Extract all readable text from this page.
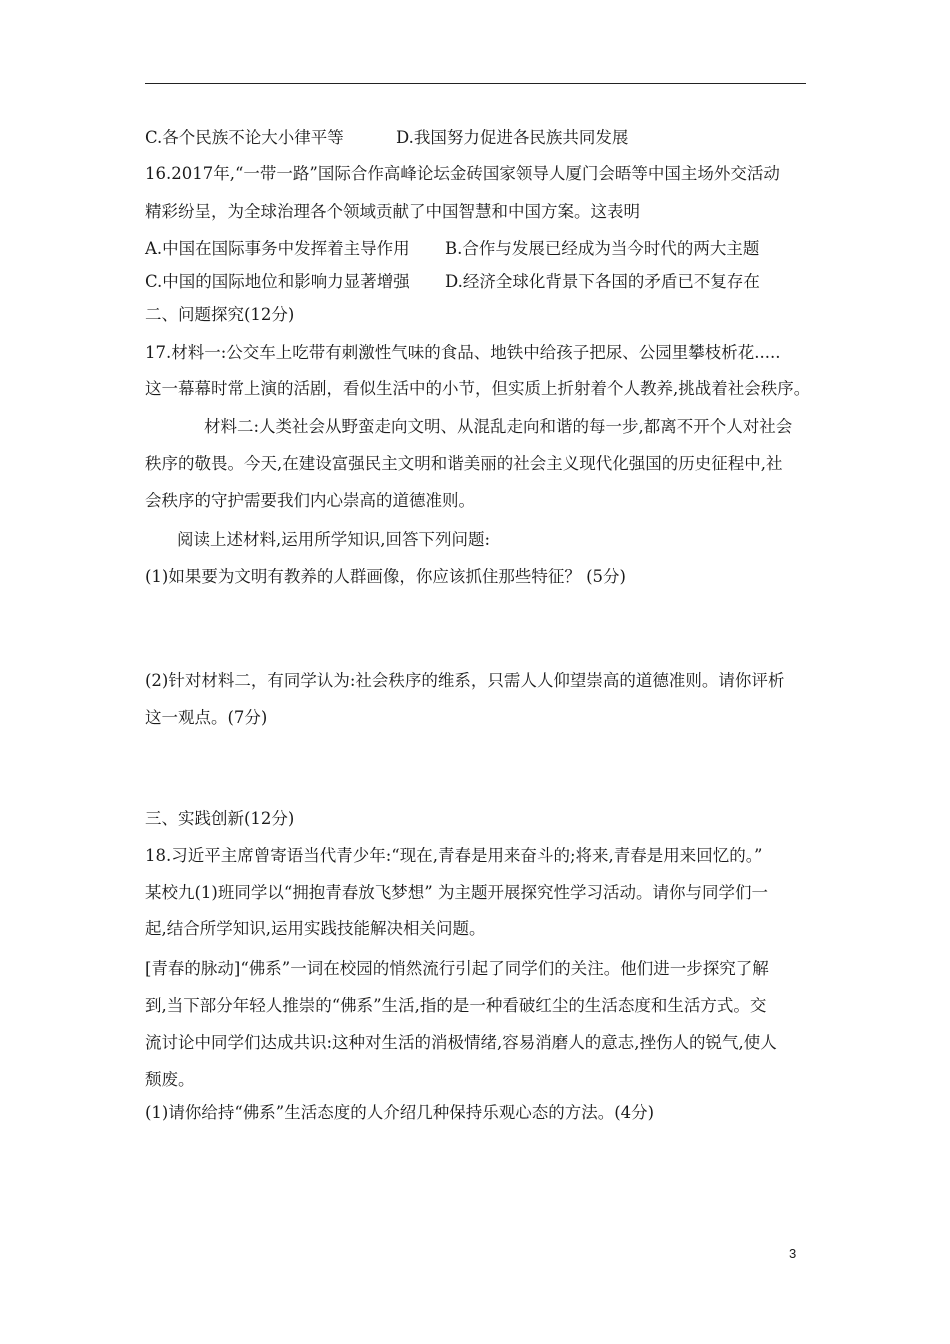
C.各个民族不论大小律平等	D.我国努力促进各民族共同发展
16.2017年,“一带一路”国际合作高峰论坛金砖国家领导人厦门会晤等中国主场外交活动
精彩纷呈，为全球治理各个领域贡献了中国智慧和中国方案。这表明
A.中国在国际事务中发挥着主导作用 B.合作与发展已经成为当今时代的两大主题
C.中国的国际地位和影响力显著增强 D.经济全球化背景下各国的矛盾已不复存在
二、问题探究(12分)
17.材料一:公交车上吃带有刺激性气味的食品、地铁中给孩子把尿、公园里攀枝析花.....
这一幕幕时常上演的活剧，看似生活中的小节，但实质上折射着个人教养,挑战着社会秩序。
材料二:人类社会从野蛮走向文明、从混乱走向和谐的每一步,都离不开个人对社会
秩序的敬畏。今天,在建设富强民主文明和谐美丽的社会主义现代化强国的历史征程中,社
会秩序的守护需要我们内心崇高的道德准则。
阅读上述材料,运用所学知识,回答下列问题:
(1)如果要为文明有教养的人群画像，你应该抓住那些特征？ (5分)
(2)针对材料二，有同学认为:社会秩序的维系，只需人人仰望崇高的道德准则。请你评析
这一观点。(7分)
三、实践创新(12分)
18.习近平主席曾寄语当代青少年:“现在,青春是用来奋斗的;将来,青春是用来回忆的。”
某校九(1)班同学以“拥抱青春放飞梦想” 为主题开展探究性学习活动。请你与同学们一
起,结合所学知识,运用实践技能解决相关问题。
[青春的脉动]“佛系”一词在校园的悄然流行引起了同学们的关注。他们进一步探究了解
到,当下部分年轻人推崇的“佛系”生活,指的是一种看破红尘的生活态度和生活方式。交
流讨论中同学们达成共识:这种对生活的消极情绪,容易消磨人的意志,挫伤人的锐气,使人
颓废。
(1)请你给持“佛系”生活态度的人介绍几种保持乐观心态的方法。(4分)
3
